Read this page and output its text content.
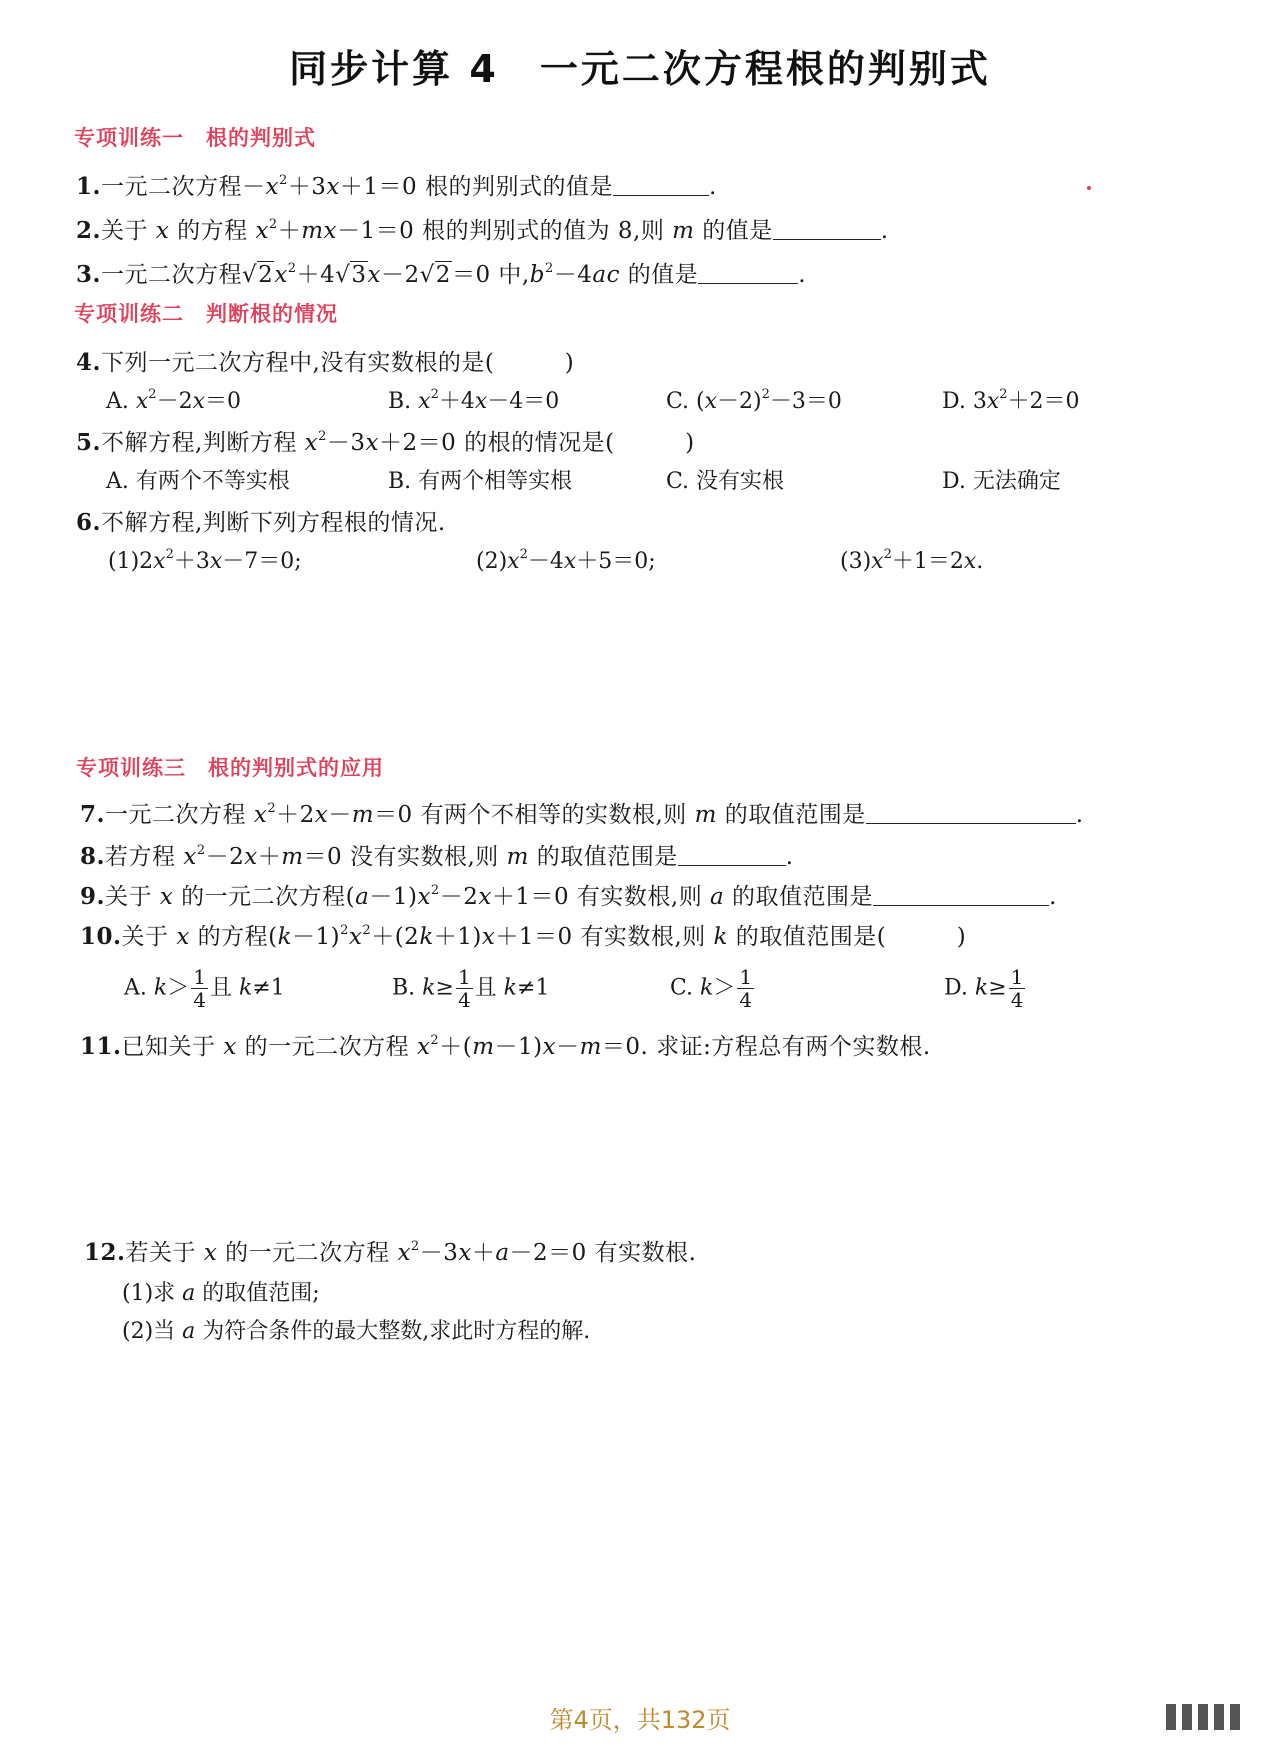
同步计算 4　一元二次方程根的判别式
专项训练一　根的判别式
1.一元二次方程$-x^2+3x+1=0$ 根的判别式的值是	.
2.关于 x 的方程 $x^2+mx-1=0$ 根的判别式的值为 8,则 m 的值是	.
3.一元二次方程$√2x^2+4√3x-2√2=0$ 中$,b^2-4ac$ 的值是	.
专项训练二　判断根的情况
4.下列一元二次方程中,没有实数根的是(　　　)
A. $x^2-2x=0$	B. $x^2+4x-4=0$	C. $(x-2)^2-3=0$	D. $3x^2+2=0$
5.不解方程,判断方程 $x^2-3x+2=0$ 的根的情况是(　　　)
A. 有两个不等实根	B. 有两个相等实根	C. 没有实根	D. 无法确定
6.不解方程,判断下列方程根的情况.
$(1)2x^2+3x-7=0$;	$(2)x^2-4x+5=0$;	$(3)x^2+1=2x$.
专项训练三　根的判别式的应用
7.一元二次方程 $x^2+2x-m=0$ 有两个不相等的实数根,则 m 的取值范围是	.
8.若方程 $x^2-2x+m=0$ 没有实数根,则 m 的取值范围是	.
9.关于 x 的一元二次方程$(a-1)x^2-2x+1=0$ 有实数根,则 a 的取值范围是	.
10.关于 x 的方程$(k-1)^2x^2+(2k+1)x+1=0$ 有实数根,则 k 的取值范围是(　　　)
A. $k> \frac{1}{4}$ 且 k≠1	B. $k\ge \frac{1}{4}$ 且 k≠1	C. $k> \frac{1}{4}$	D. $k\ge \frac{1}{4}$
11.已知关于 x 的一元二次方程 $x^2+(m-1)x-m=0$. 求证:方程总有两个实数根.
12.若关于 x 的一元二次方程 $x^2-3x+a-2=0$ 有实数根.
(1)求 a 的取值范围;
(2)当 a 为符合条件的最大整数,求此时方程的解.
第4页，共132页
